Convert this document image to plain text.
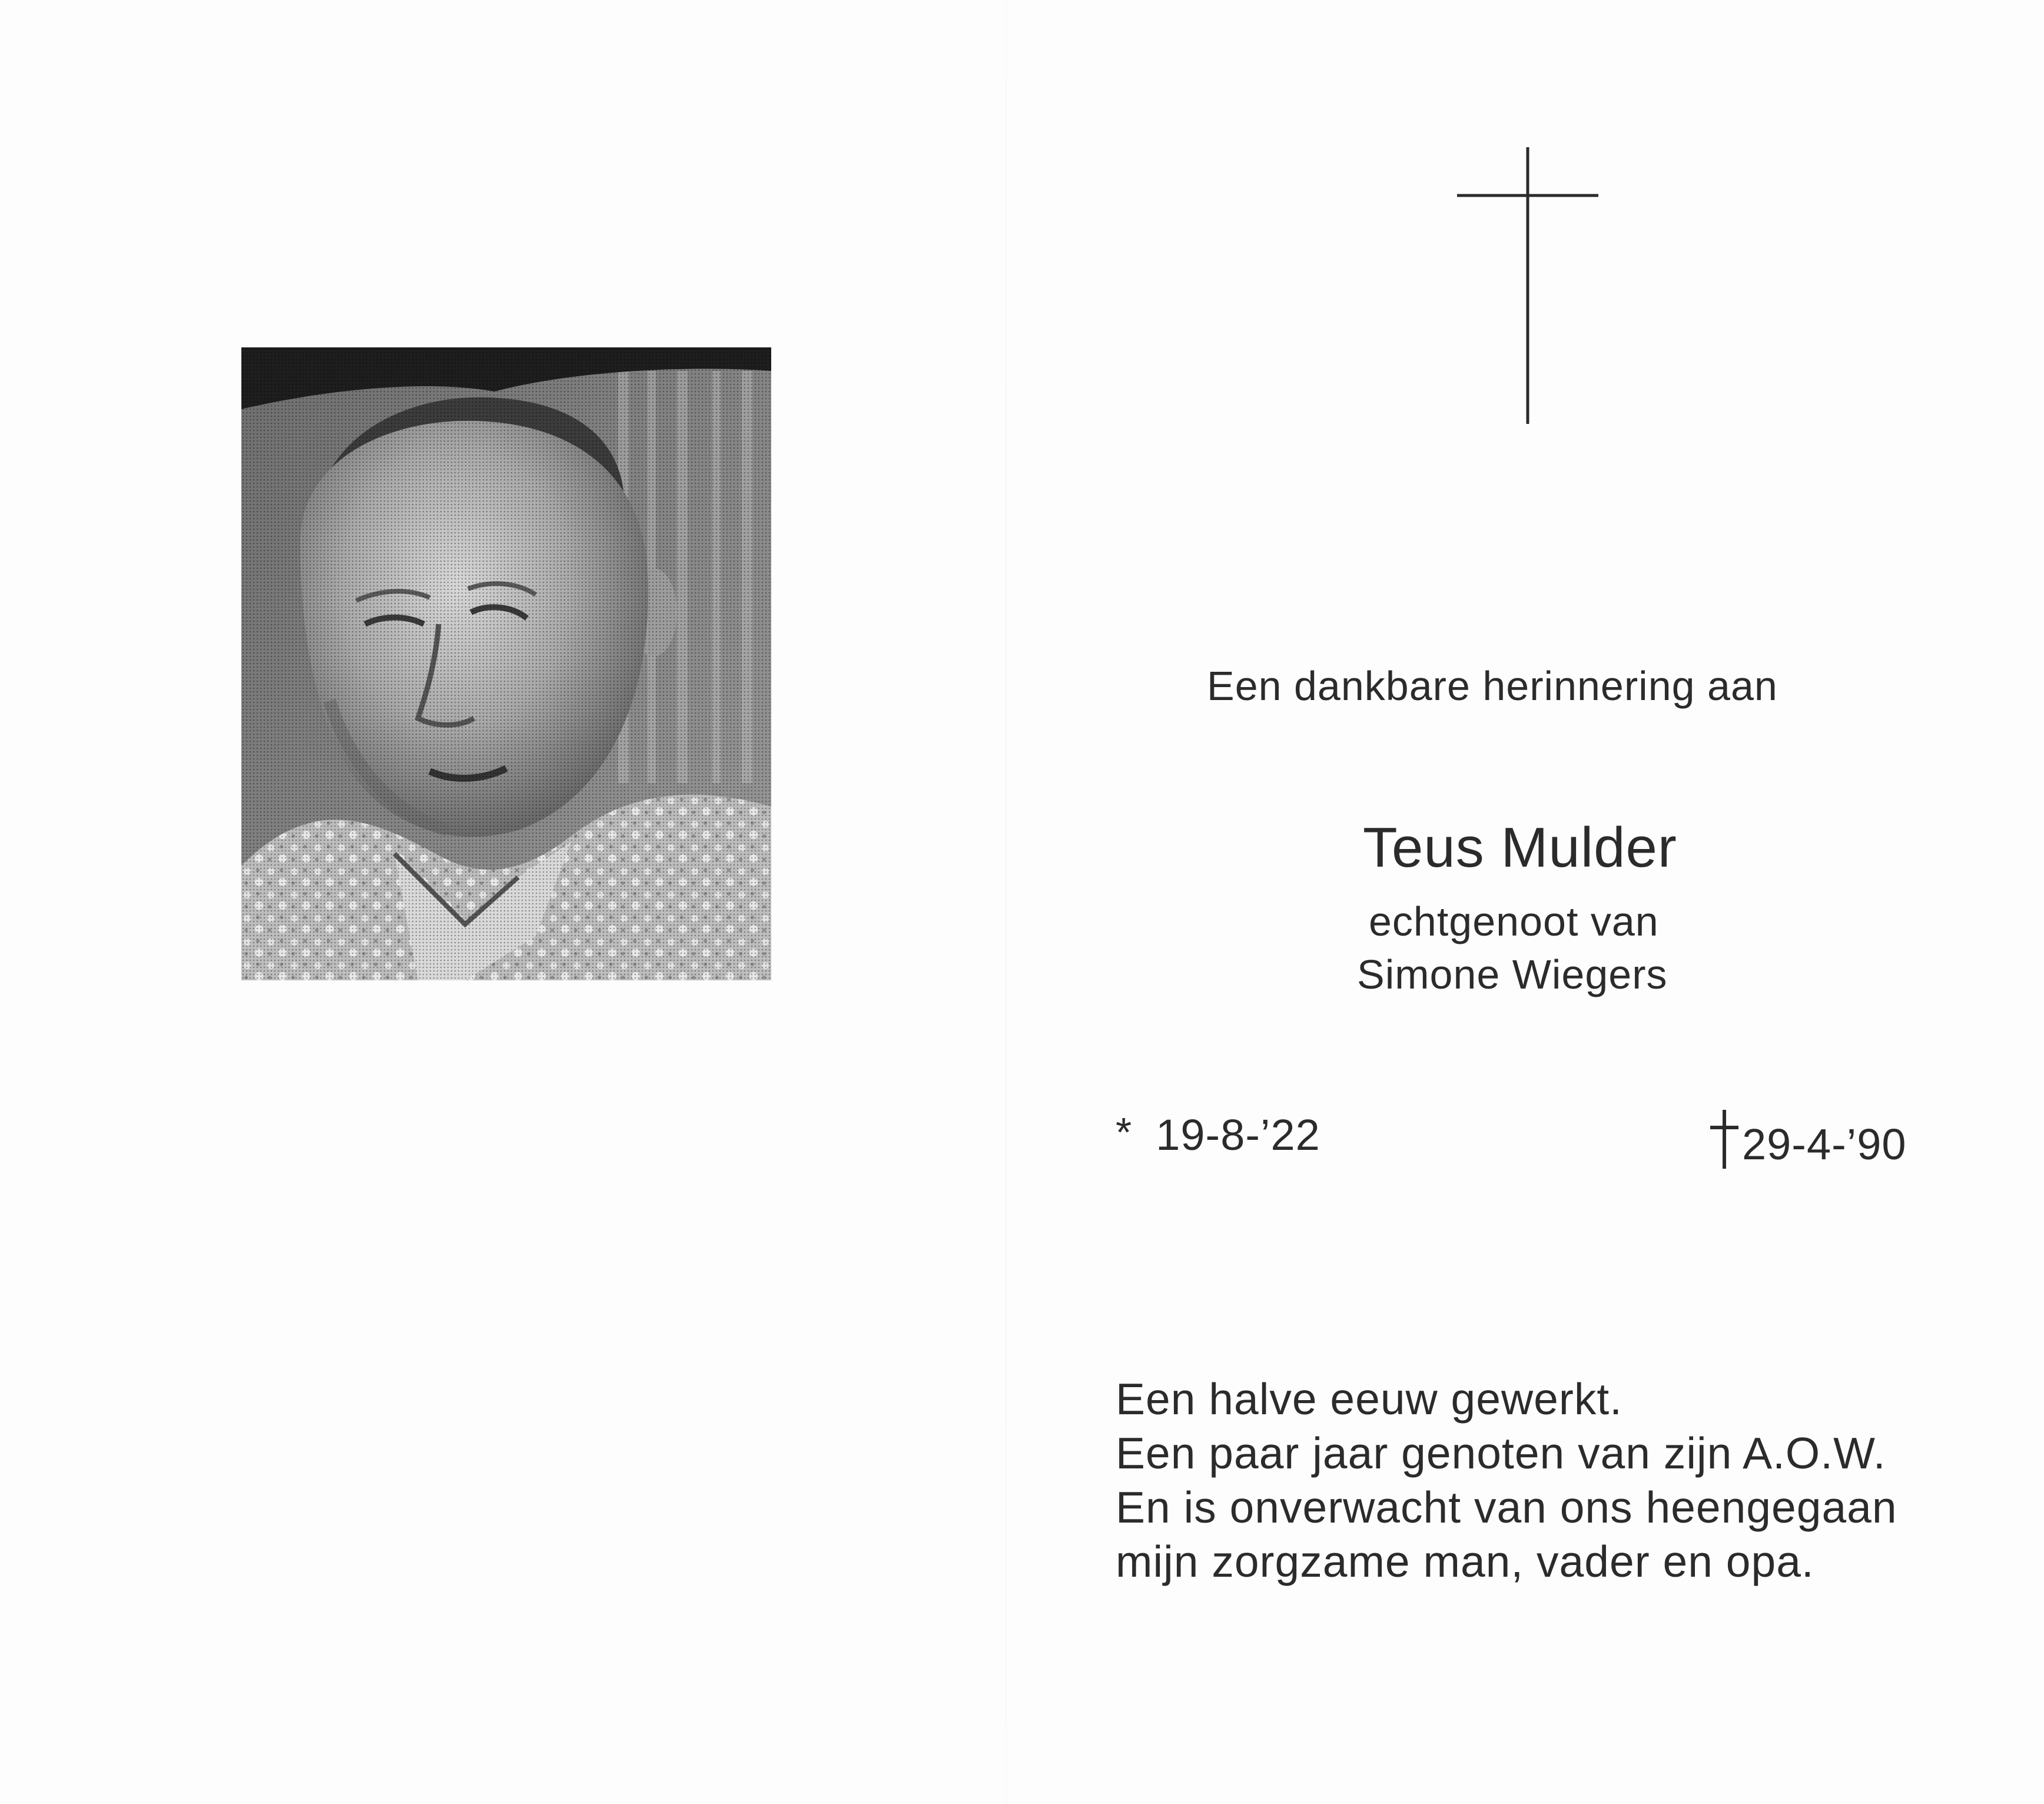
Een dankbare herinnering aan
Teus Mulder
echtgenoot van
Simone Wiegers
* 19-8-’22	29-4-’90
Een halve eeuw gewerkt.
Een paar jaar genoten van zijn A.O.W.
En is onverwacht van ons heengegaan
mijn zorgzame man, vader en opa.
